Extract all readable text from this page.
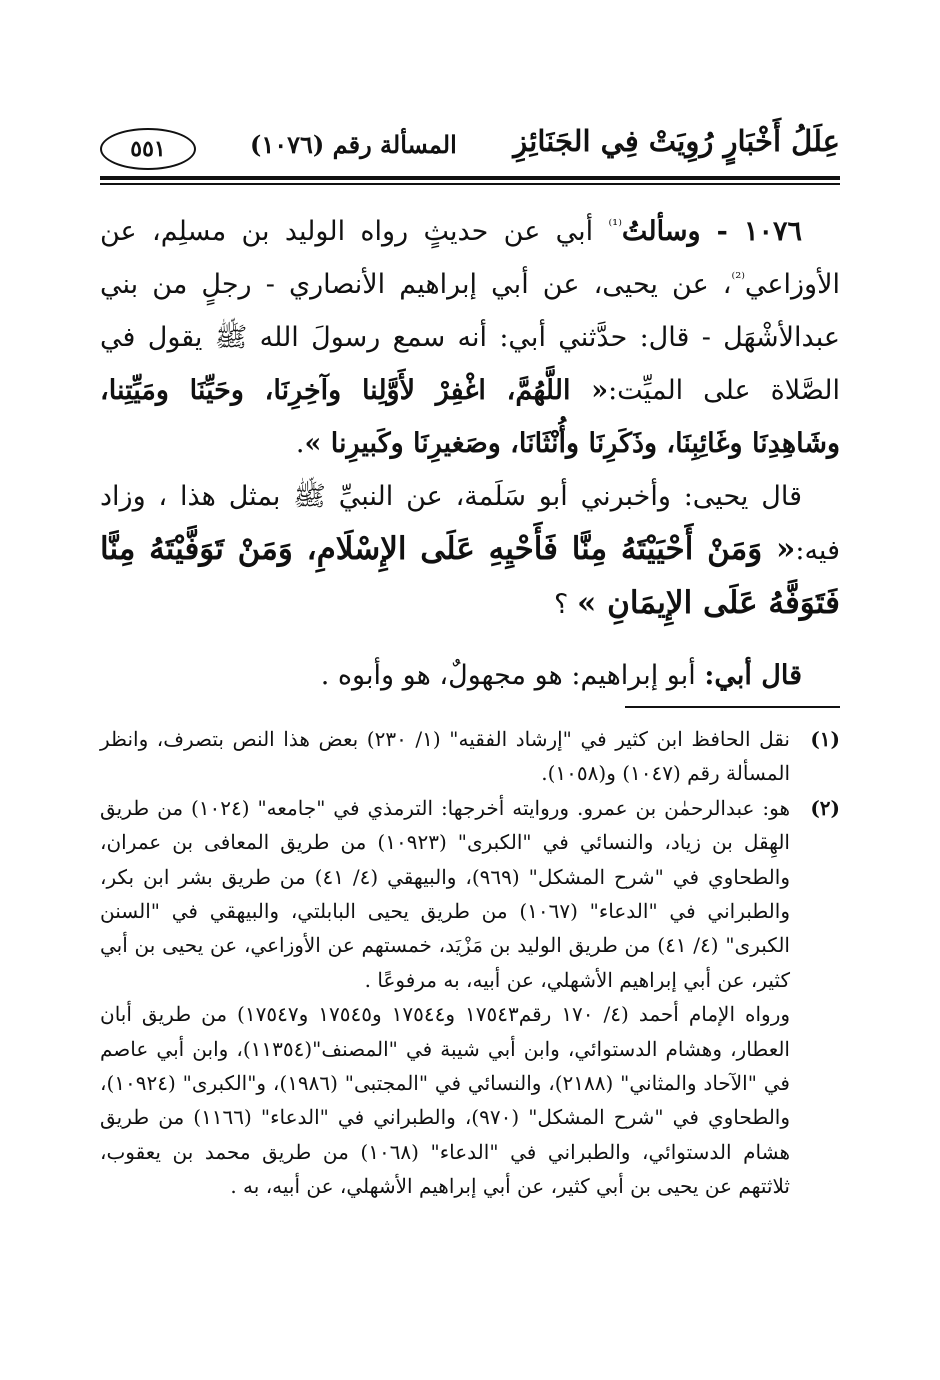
عِلَلُ أَخْبَارٍ رُوِيَتْ فِي الجَنَائِزِ
المسألة رقم (١٠٧٦)
٥٥١

١٠٧٦ - وسألتُ$^{^{(1)}}$ أبي عن حديثٍ رواه الوليد بن مسلِم، عن الأوزاعي$^{^{(2)}}$، عن يحيى، عن أبي إبراهيم الأنصاري - رجلٍ من بني عبدالأشْهَل - قال: حدَّثني أبي: أنه سمع رسولَ الله ﷺ يقول في الصَّلاة على الميِّت:« اللَّهُمَّ، اغْفِرْ لأَوَّلِنا وآخِرِنَا، وحَيِّنَا ومَيِّتِنا، وشَاهِدِنَا وغَائِبِنَا، وذَكَرِنَا وأُنْثَانَا، وصَغيرِنَا وكَبيرِنا ».

قال يحيى: وأخبرني أبو سَلَمة، عن النبيِّ ﷺ بمثل هذا ، وزاد فيه:« وَمَنْ أَحْيَيْتَهُ مِنَّا فَأَحْيِهِ عَلَى الإِسْلَامِ، وَمَنْ تَوَفَّيْتَهُ مِنَّا فَتَوَفَّهُ عَلَى الإِيمَانِ » ؟

قال أبي: أبو إبراهيم: هو مجهولٌ، هو وأبوه .

(١)

نقل الحافظ ابن كثير في "إرشاد الفقيه" (١/ ٢٣٠) بعض هذا النص بتصرف، وانظر المسألة رقم (١٠٤٧) و(١٠٥٨).

(٢)

هو: عبدالرحمٰن بن عمرو. وروايته أخرجها: الترمذي في "جامعه" (١٠٢٤) من طريق الهِقل بن زياد، والنسائي في "الكبرى" (١٠٩٢٣) من طريق المعافى بن عمران، والطحاوي في "شرح المشكل" (٩٦٩)، والبيهقي (٤/ ٤١) من طريق بشر ابن بكر، والطبراني في "الدعاء" (١٠٦٧) من طريق يحيى البابلتي، والبيهقي في "السنن الكبرى" (٤/ ٤١) من طريق الوليد بن مَزْيَد، خمستهم عن الأوزاعي، عن يحيى بن أبي كثير، عن أبي إبراهيم الأشهلي، عن أبيه، به مرفوعًا .

ورواه الإمام أحمد (٤/ ١٧٠ رقم١٧٥٤٣ و١٧٥٤٤ و١٧٥٤٥ و١٧٥٤٧) من طريق أبان العطار، وهشام الدستوائي، وابن أبي شيبة في "المصنف"(١١٣٥٤)، وابن أبي عاصم في "الآحاد والمثاني" (٢١٨٨)، والنسائي في "المجتبى" (١٩٨٦)، و"الكبرى" (١٠٩٢٤)، والطحاوي في "شرح المشكل" (٩٧٠)، والطبراني في "الدعاء" (١١٦٦) من طريق هشام الدستوائي، والطبراني في "الدعاء" (١٠٦٨) من طريق محمد بن يعقوب، ثلاثتهم عن يحيى بن أبي كثير، عن أبي إبراهيم الأشهلي، عن أبيه، به .
